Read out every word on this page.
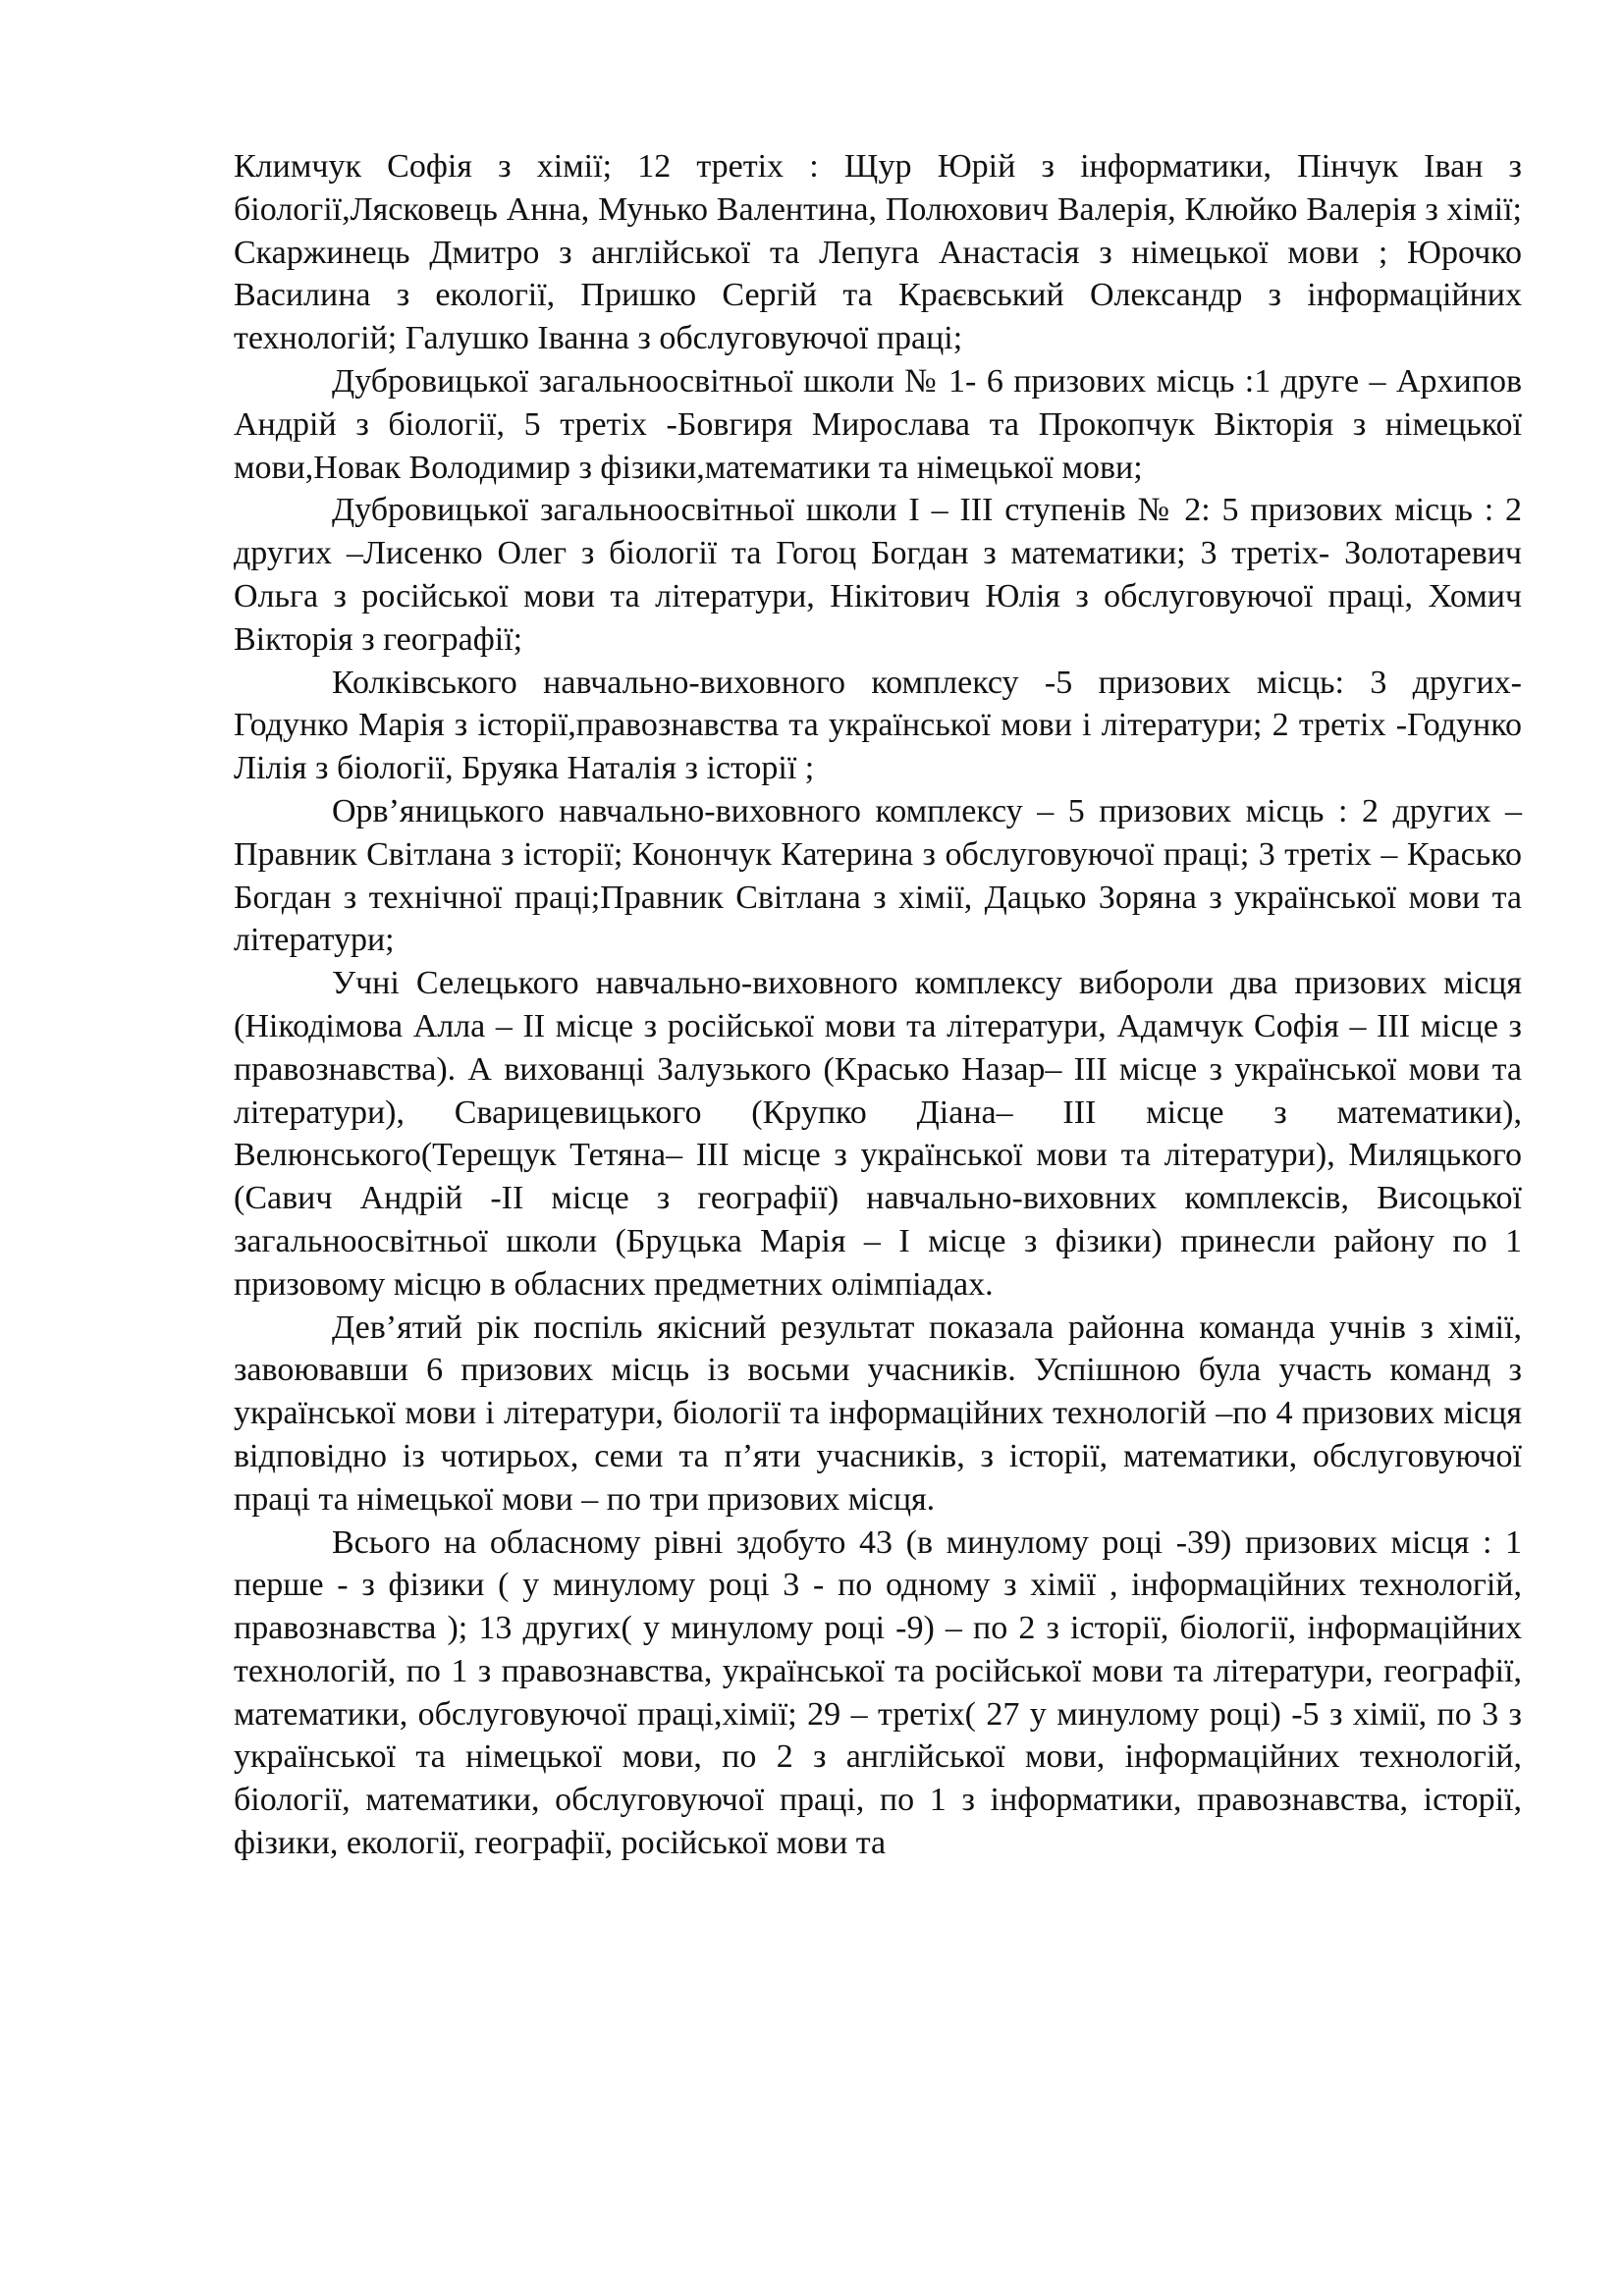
Климчук Софія з хімії; 12 третіх : Щур Юрій з інформатики, Пінчук Іван з біології,Лясковець Анна, Мунько Валентина, Полюхович Валерія, Клюйко Валерія з хімії; Скаржинець Дмитро з англійської та Лепуга Анастасія з німецької мови ; Юрочко Василина з екології, Пришко Сергій та Краєвський Олександр з інформаційних технологій; Галушко Іванна з обслуговуючої праці;

Дубровицької загальноосвітньої школи № 1- 6 призових місць :1 друге – Архипов Андрій з біології, 5 третіх -Бовгиря Мирослава та Прокопчук Вікторія з німецької мови,Новак Володимир з фізики,математики та німецької мови;

Дубровицької загальноосвітньої школи І – ІІІ ступенів № 2: 5 призових місць : 2 других –Лисенко Олег з біології та Гогоц Богдан з математики; 3 третіх- Золотаревич Ольга з російської мови та літератури, Нікітович Юлія з обслуговуючої праці, Хомич Вікторія з географії;

Колківського навчально-виховного комплексу -5 призових місць: 3 других- Годунко Марія з історії,правознавства та української мови і літератури; 2 третіх -Годунко Лілія з біології, Бруяка Наталія з історії ;

Орв’яницького навчально-виховного комплексу – 5 призових місць : 2 других –Правник Світлана з історії; Конончук Катерина з обслуговуючої праці; 3 третіх – Красько Богдан з технічної праці;Правник Світлана з хімії, Дацько Зоряна з української мови та літератури;

Учні Селецького навчально-виховного комплексу вибороли два призових місця (Нікодімова Алла – ІІ місце з російської мови та літератури, Адамчук Софія – ІІІ місце з правознавства). А вихованці Залузького (Красько Назар– ІІІ місце з української мови та літератури), Сварицевицького (Крупко Діана– ІІІ місце з математики), Велюнського(Терещук Тетяна– ІІІ місце з української мови та літератури), Миляцького (Савич Андрій -ІІ місце з географії) навчально-виховних комплексів, Висоцької загальноосвітньої школи (Бруцька Марія – І місце з фізики) принесли району по 1 призовому місцю в обласних предметних олімпіадах.

Дев’ятий рік поспіль якісний результат показала районна команда учнів з хімії, завоювавши 6 призових місць із восьми учасників. Успішною була участь команд з української мови і літератури, біології та інформаційних технологій –по 4 призових місця відповідно із чотирьох, семи та п’яти учасників, з історії, математики, обслуговуючої праці та німецької мови – по три призових місця.

Всього на обласному рівні здобуто 43 (в минулому році -39) призових місця : 1 перше - з фізики ( у минулому році 3 - по одному з хімії , інформаційних технологій, правознавства ); 13 других( у минулому році -9) – по 2 з історії, біології, інформаційних технологій, по 1 з правознавства, української та російської мови та літератури, географії, математики, обслуговуючої праці,хімії; 29 – третіх( 27 у минулому році) -5 з хімії, по 3 з української та німецької мови, по 2 з англійської мови, інформаційних технологій, біології, математики, обслуговуючої праці, по 1 з інформатики, правознавства, історії, фізики, екології, географії, російської мови та
